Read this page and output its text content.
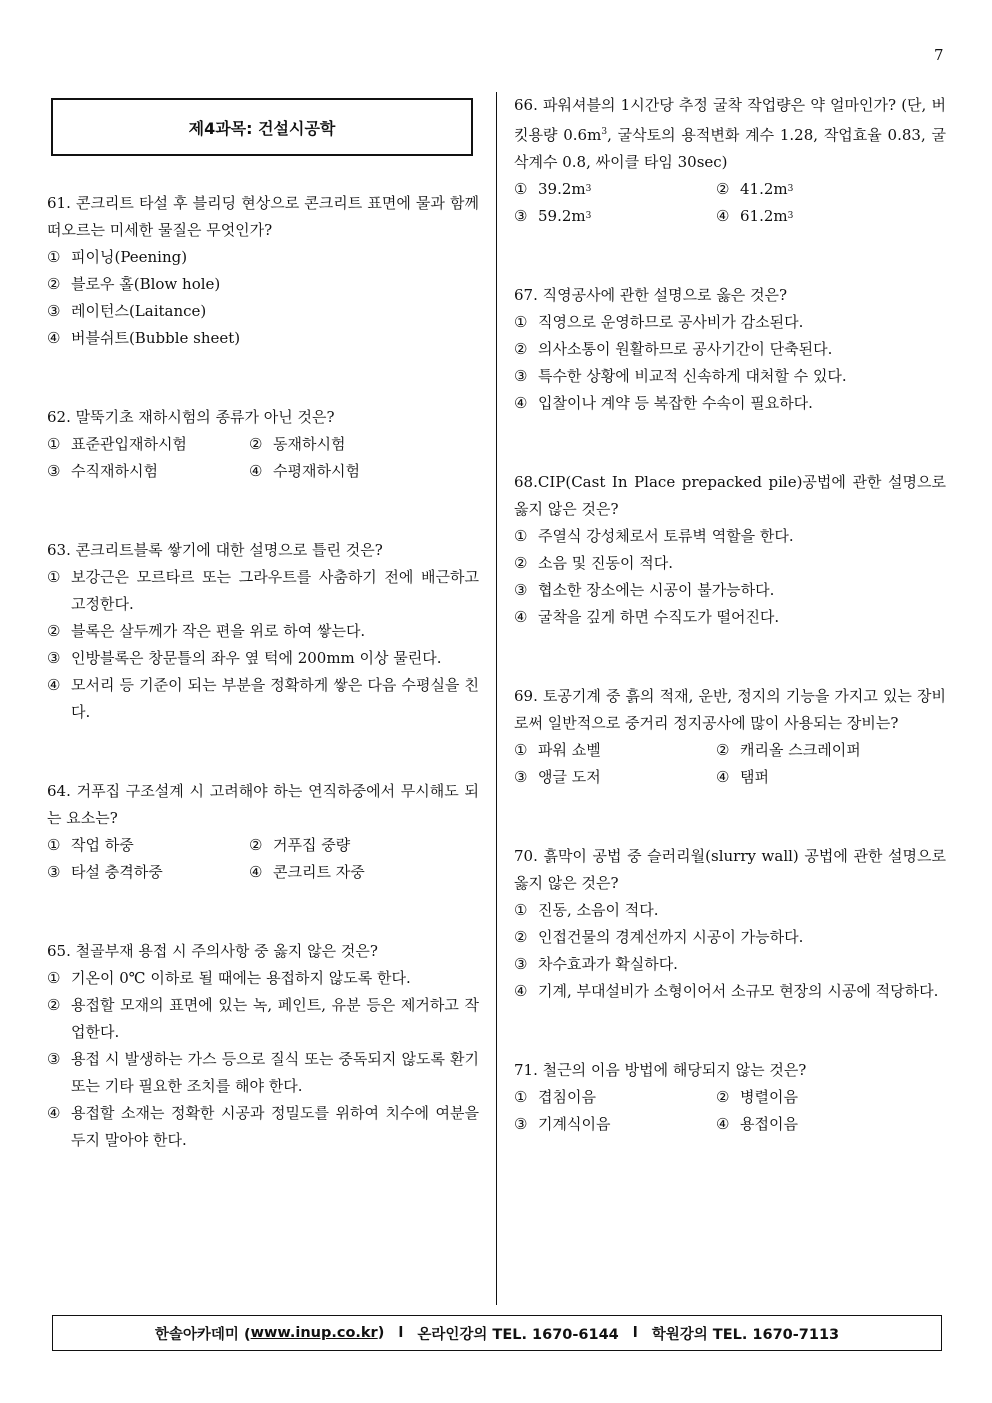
7
제4과목: 건설시공학
61. 콘크리트 타설 후 블리딩 현상으로 콘크리트 표면에 물과 함께 떠오르는 미세한 물질은 무엇인가?
① 피이닝(Peening)
② 블로우 홀(Blow hole)
③ 레이턴스(Laitance)
④ 버블쉬트(Bubble sheet)
62. 말뚝기초 재하시험의 종류가 아닌 것은?
① 표준관입재하시험	② 동재하시험
③ 수직재하시험	④ 수평재하시험
63. 콘크리트블록 쌓기에 대한 설명으로 틀린 것은?
① 보강근은 모르타르 또는 그라우트를 사춤하기 전에 배근하고 고정한다.
② 블록은 살두께가 작은 편을 위로 하여 쌓는다.
③ 인방블록은 창문틀의 좌우 옆 턱에 200mm 이상 물린다.
④ 모서리 등 기준이 되는 부분을 정확하게 쌓은 다음 수평실을 친다.
64. 거푸집 구조설계 시 고려해야 하는 연직하중에서 무시해도 되는 요소는?
① 작업 하중	② 거푸집 중량
③ 타설 충격하중	④ 콘크리트 자중
65. 철골부재 용접 시 주의사항 중 옳지 않은 것은?
① 기온이 0℃ 이하로 될 때에는 용접하지 않도록 한다.
② 용접할 모재의 표면에 있는 녹, 페인트, 유분 등은 제거하고 작업한다.
③ 용접 시 발생하는 가스 등으로 질식 또는 중독되지 않도록 환기 또는 기타 필요한 조치를 해야 한다.
④ 용접할 소재는 정확한 시공과 정밀도를 위하여 치수에 여분을 두지 말아야 한다.
66. 파워셔블의 1시간당 추정 굴착 작업량은 약 얼마인가? (단, 버킷용량 $0.6m^3$, 굴삭토의 용적변화 계수 1.28, 작업효율 0.83, 굴삭계수 0.8, 싸이클 타임 30sec)
① 39.2m 3	② 41.2m 3
③ 59.2m 3	④ 61.2m 3
67. 직영공사에 관한 설명으로 옳은 것은?
① 직영으로 운영하므로 공사비가 감소된다.
② 의사소통이 원활하므로 공사기간이 단축된다.
③ 특수한 상황에 비교적 신속하게 대처할 수 있다.
④ 입찰이나 계약 등 복잡한 수속이 필요하다.
68.CIP(Cast In Place prepacked pile)공법에 관한 설명으로 옳지 않은 것은?
① 주열식 강성체로서 토류벽 역할을 한다.
② 소음 및 진동이 적다.
③ 협소한 장소에는 시공이 불가능하다.
④ 굴착을 깊게 하면 수직도가 떨어진다.
69. 토공기계 중 흙의 적재, 운반, 정지의 기능을 가지고 있는 장비로써 일반적으로 중거리 정지공사에 많이 사용되는 장비는?
① 파워 쇼벨	② 캐리올 스크레이퍼
③ 앵글 도저	④ 탬퍼
70. 흙막이 공법 중 슬러리월(slurry wall) 공법에 관한 설명으로 옳지 않은 것은?
① 진동, 소음이 적다.
② 인접건물의 경계선까지 시공이 가능하다.
③ 차수효과가 확실하다.
④ 기계, 부대설비가 소형이어서 소규모 현장의 시공에 적당하다.
71. 철근의 이음 방법에 해당되지 않는 것은?
① 겹침이음	② 병렬이음
③ 기계식이음	④ 용접이음
한솔아카데미 ( www.inup.co.kr ) l 온라인강의 TEL. 1670-6144 l 학원강의 TEL. 1670-7113
